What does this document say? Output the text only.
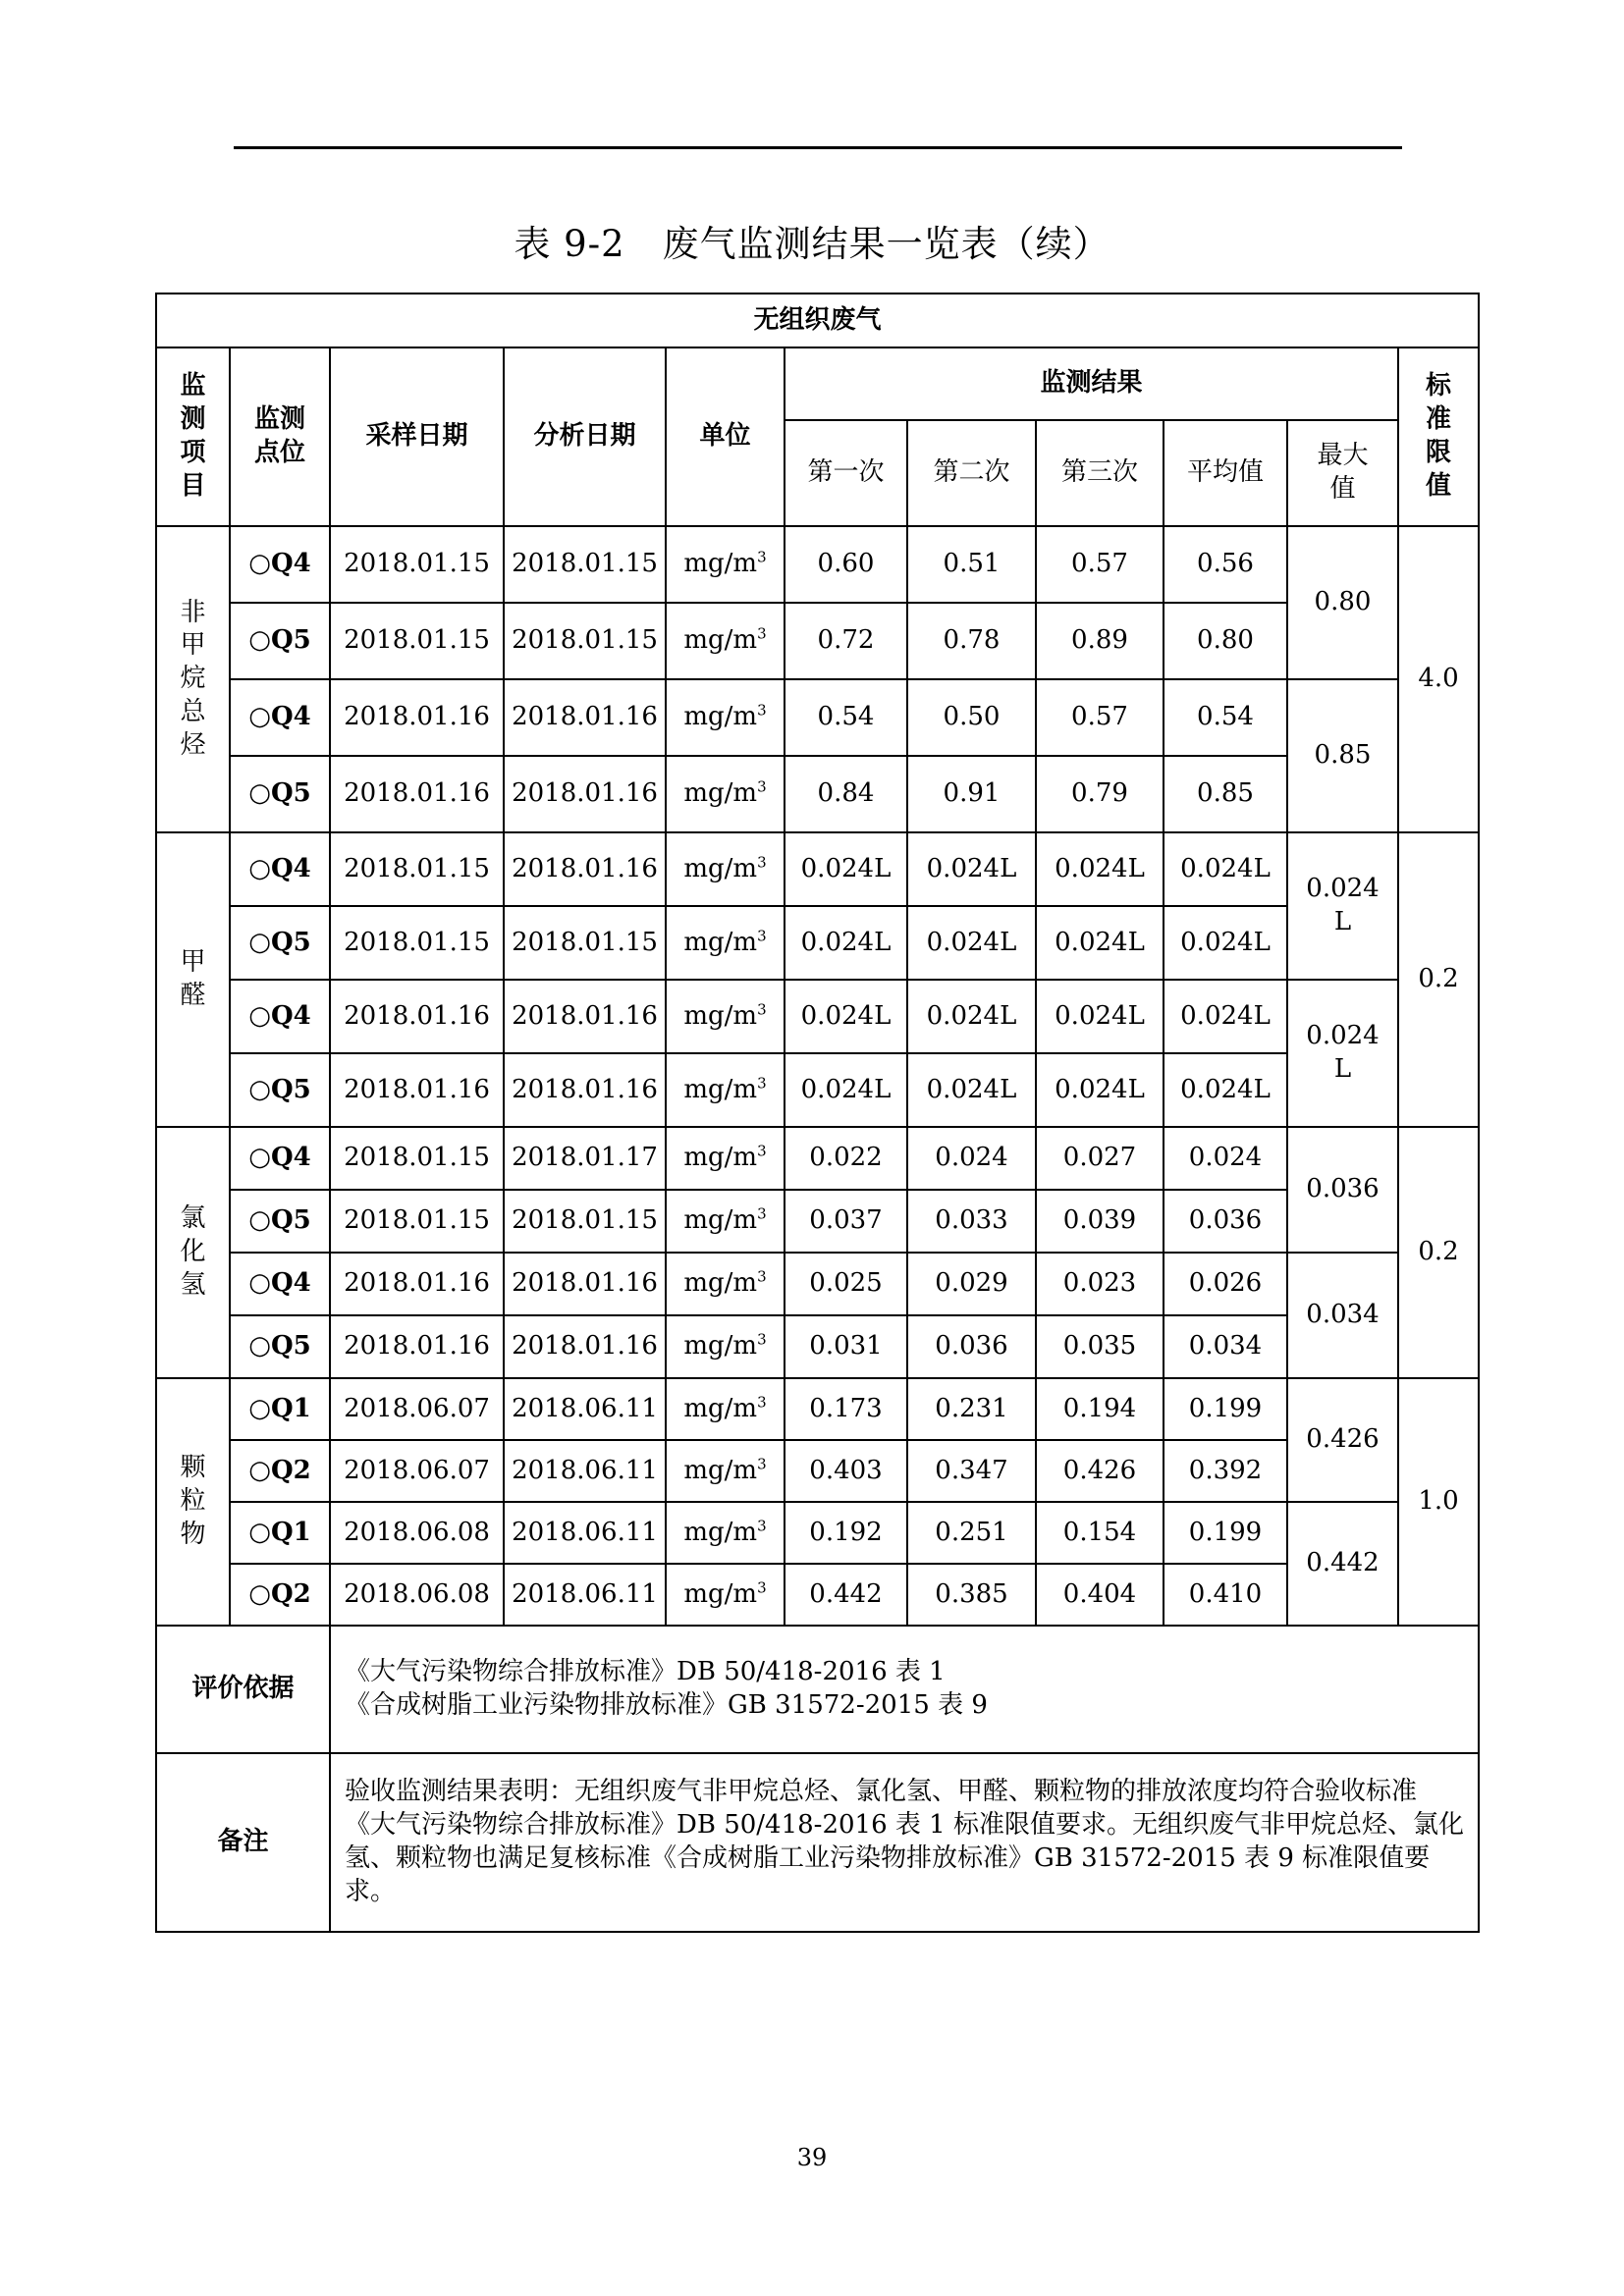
表 9-2　废气监测结果一览表（续）
无组织废气										
监测项目	监测点位	采样日期	分析日期	单位	监测结果					标准限值
					第一次	第二次	第三次	平均值	最大值	
非甲烷总烃	○Q4	2018.01.15	2018.01.15	$mg/m^3$	0.60	0.51	0.57	0.56	0.80	4.0
	○Q5	2018.01.15	2018.01.15	$mg/m^3$	0.72	0.78	0.89	0.80		
	○Q4	2018.01.16	2018.01.16	$mg/m^3$	0.54	0.50	0.57	0.54	0.85	
	○Q5	2018.01.16	2018.01.16	$mg/m^3$	0.84	0.91	0.79	0.85		
甲醛	○Q4	2018.01.15	2018.01.16	$mg/m^3$	0.024L	0.024L	0.024L	0.024L	0.024L	0.2
	○Q5	2018.01.15	2018.01.15	$mg/m^3$	0.024L	0.024L	0.024L	0.024L		
	○Q4	2018.01.16	2018.01.16	$mg/m^3$	0.024L	0.024L	0.024L	0.024L	0.024L	
	○Q5	2018.01.16	2018.01.16	$mg/m^3$	0.024L	0.024L	0.024L	0.024L		
氯化氢	○Q4	2018.01.15	2018.01.17	$mg/m^3$	0.022	0.024	0.027	0.024	0.036	0.2
	○Q5	2018.01.15	2018.01.15	$mg/m^3$	0.037	0.033	0.039	0.036		
	○Q4	2018.01.16	2018.01.16	$mg/m^3$	0.025	0.029	0.023	0.026	0.034	
	○Q5	2018.01.16	2018.01.16	$mg/m^3$	0.031	0.036	0.035	0.034		
颗粒物	○Q1	2018.06.07	2018.06.11	$mg/m^3$	0.173	0.231	0.194	0.199	0.426	1.0
	○Q2	2018.06.07	2018.06.11	$mg/m^3$	0.403	0.347	0.426	0.392		
	○Q1	2018.06.08	2018.06.11	$mg/m^3$	0.192	0.251	0.154	0.199	0.442	
	○Q2	2018.06.08	2018.06.11	$mg/m^3$	0.442	0.385	0.404	0.410		
评价依据		《大气污染物综合排放标准》DB 50/418-2016 表 1
《合成树脂工业污染物排放标准》GB 31572-2015 表 9								

备注		验收监测结果表明：无组织废气非甲烷总烃、氯化氢、甲醛、颗粒物的排放浓度均符合验收标准《大气污染物综合排放标准》DB 50/418-2016 表 1 标准限值要求。无组织废气非甲烷总烃、氯化氢、颗粒物也满足复核标准《合成树脂工业污染物排放标准》GB 31572-2015 表 9 标准限值要求。								
39
